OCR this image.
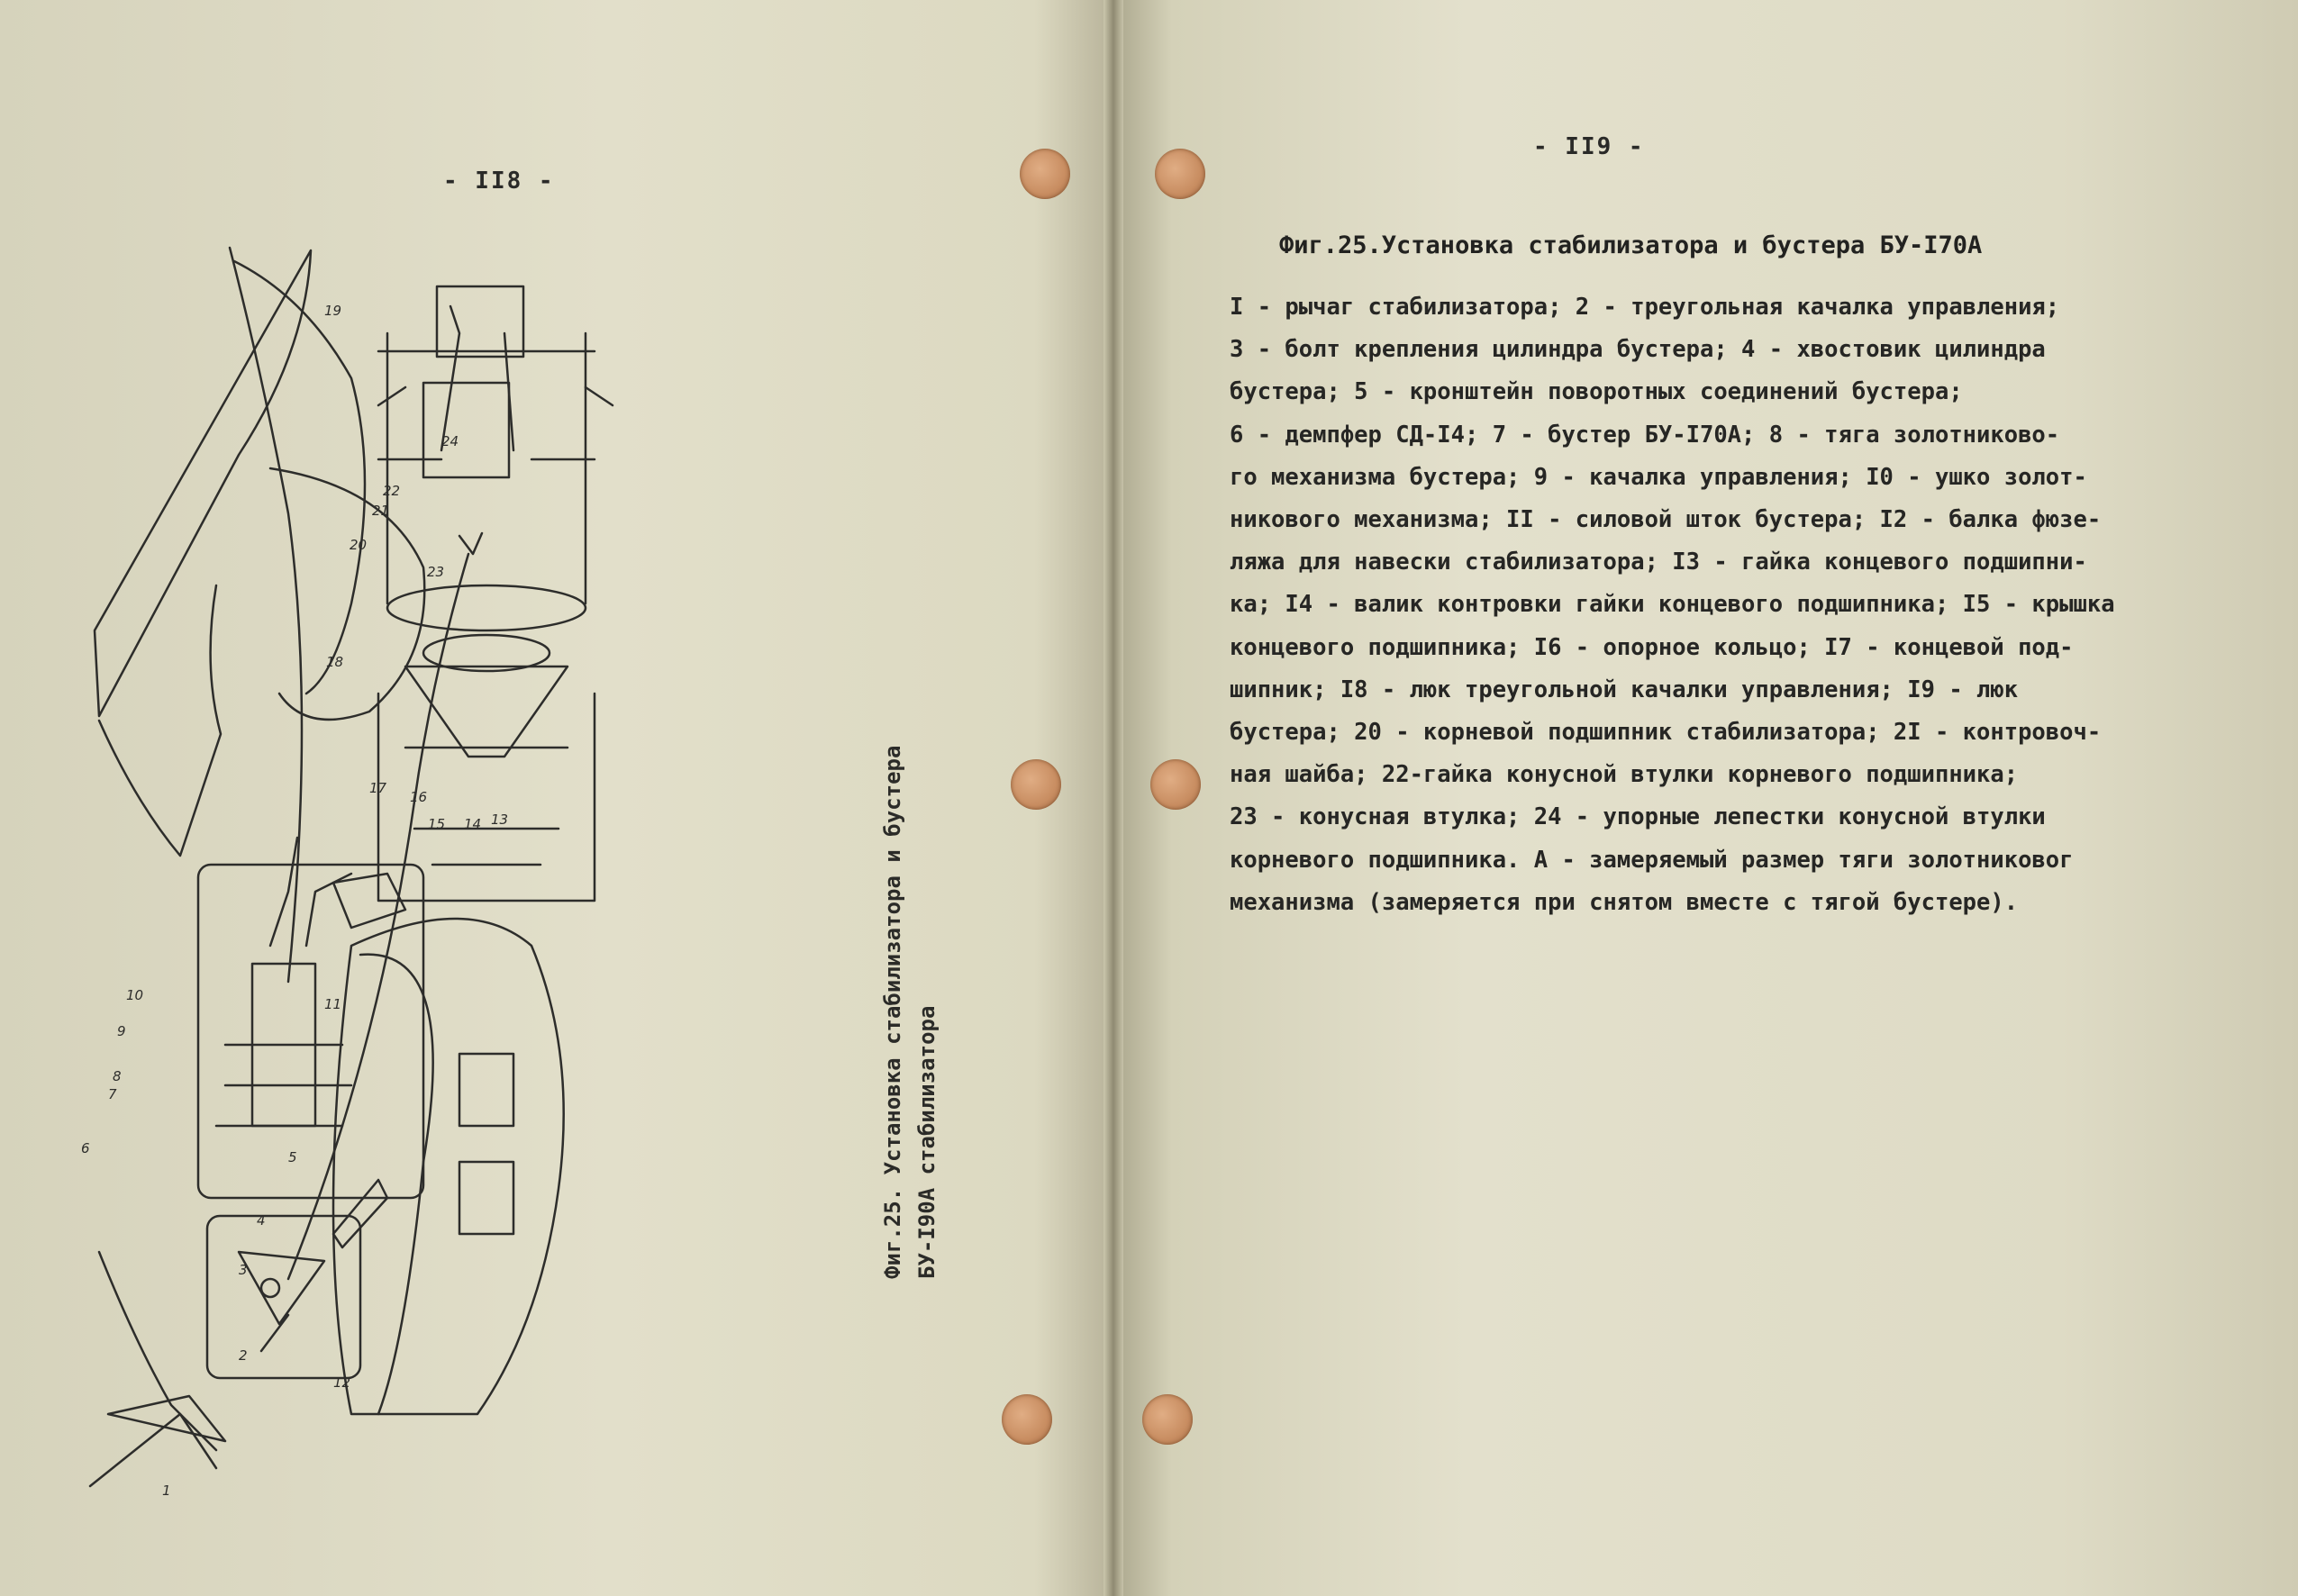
- II8 -
1
2
3
4
5
6
7
8
9
10
11
12
13
14
15
16
17
18
19
20
21
22
23
24
Фиг.25. Установка стабилизатора и бустера БУ-I90А стабилизатора
- II9 -
Фиг.25.Установка стабилизатора и бустера БУ-I70А
I - рычаг стабилизатора; 2 - треугольная качалка управления;
3 - болт крепления цилиндра бустера; 4 - хвостовик цилиндра
бустера; 5 - кронштейн поворотных соединений бустера;
6 - демпфер СД-I4; 7 - бустер БУ-I70А; 8 - тяга золотниково-
го механизма бустера; 9 - качалка управления; I0 - ушко золот-
никового механизма; II - силовой шток бустера; I2 - балка фюзе-
ляжа для навески стабилизатора; I3 - гайка концевого подшипни-
ка; I4 - валик контровки гайки концевого подшипника; I5 - крышка
концевого подшипника; I6 - опорное кольцо; I7 - концевой под-
шипник; I8 - люк треугольной качалки управления; I9 - люк
бустера; 20 - корневой подшипник стабилизатора; 2I - контровоч-
ная шайба; 22-гайка конусной втулки корневого подшипника;
23 - конусная втулка; 24 - упорные лепестки конусной втулки
корневого подшипника. А - замеряемый размер тяги золотниковог
механизма (замеряется при снятом вместе с тягой бустере).
